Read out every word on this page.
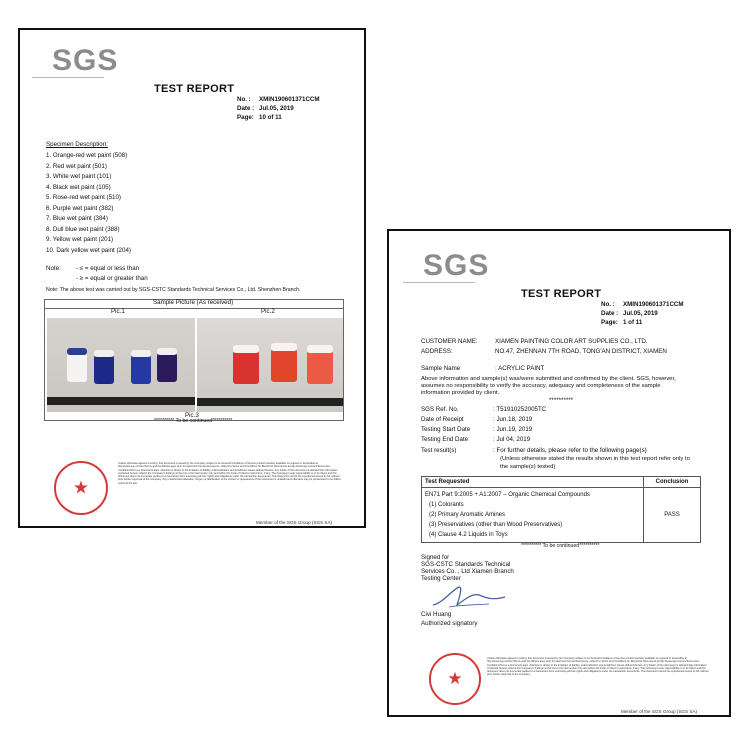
SGS
TEST REPORT
No. : XMIN190601371CCM
Date : Jul.05, 2019
Page: 10 of 11
Specimen Description:
1. Orange-red wet paint (508)
2. Red wet paint (501)
3. White wet paint (101)
4. Black wet paint (105)
5. Rose-red wet paint (510)
6. Purple wet paint (382)
7. Blue wet paint (384)
8. Dull blue wet paint (388)
9. Yellow wet paint (201)
10. Dark yellow wet paint (204)
Note: - ≤ = equal or less than
- ≥ = equal or greater than
Note: The above test was carried out by SGS-CSTC Standards Technical Services Co., Ltd. Shenzhen Branch.
Sample Picture (As received)
Pic.1	Pic.2
Pic.3
********** To be continued**********
★
Unless otherwise agreed in writing, this document is issued by the Company subject to its General Conditions of Service printed overleaf, available on request or accessible at http://www.sgs.com/en/Terms-and-Conditions.aspx and, for electronic format documents, subject to Terms and Conditions for Electronic Documents at http://www.sgs.com/en/Terms-and-Conditions/Terms-e-Document.aspx. Attention is drawn to the limitation of liability, indemnification and jurisdiction issues defined therein. Any holder of this document is advised that information contained hereon reflects the Company's findings at the time of its intervention only and within the limits of Client's instructions, if any. The Company's sole responsibility is to its Client and this document does not exonerate parties to a transaction from exercising all their rights and obligations under the transaction documents. This document cannot be reproduced except in full, without prior written approval of the Company. Any unauthorized alteration, forgery or falsification of the content or appearance of this document is unlawful and offenders may be prosecuted to the fullest extent of the law.
Member of the SGS Group (SGS SA)
SGS
TEST REPORT
No. : XMIN190601371CCM
Date : Jul.05, 2019
Page: 1 of 11
CUSTOMER NAME:	XIAMEN PAINTING COLOR ART SUPPLIES CO., LTD.
ADDRESS:	NO.47, ZHENNAN 7TH ROAD, TONG'AN DISTRICT, XIAMEN
Sample Name	: ACRYLIC PAINT
Above information and sample(s) was/were submitted and confirmed by the client. SGS, however,
assumes no responsibility to verify the accuracy, adequacy and completeness of the sample
information provided by client.
**********
SGS Ref. No.	: T51910252005TC
Date of Receipt	: Jun.18, 2019
Testing Start Date	: Jun.19, 2019
Testing End Date	: Jul 04, 2019
Test result(s)	: For further details, please refer to the following page(s)
(Unless otherwise stated the results shown in this test report refer only to
the sample(s) tested)
Test Requested	Conclusion

EN71 Part 9:2005 + A1:2007 – Organic Chemical Compounds
(1) Colorants
(2) Primary Aromatic Amines
(3) Preservatives (other than Wood Preservatives)
(4) Clause 4.2 Liquids in Toys	PASS
********** To be continued**********
Signed for
SGS-CSTC Standards Technical
Services Co. , Ltd Xiamen Branch
Testing Center
Civi Huang
Authorized signatory
★
Unless otherwise agreed in writing, this document is issued by the Company subject to its General Conditions of Service printed overleaf, available on request or accessible at http://www.sgs.com/en/Terms-and-Conditions.aspx and, for electronic format documents, subject to Terms and Conditions for Electronic Documents at http://www.sgs.com/en/Terms-and-Conditions/Terms-e-Document.aspx. Attention is drawn to the limitation of liability, indemnification and jurisdiction issues defined therein. Any holder of this document is advised that information contained hereon reflects the Company's findings at the time of its intervention only and within the limits of Client's instructions, if any. The Company's sole responsibility is to its Client and this document does not exonerate parties to a transaction from exercising all their rights and obligations under the transaction documents. This document cannot be reproduced except in full, without prior written approval of the Company.
Member of the SGS Group (SGS SA)
